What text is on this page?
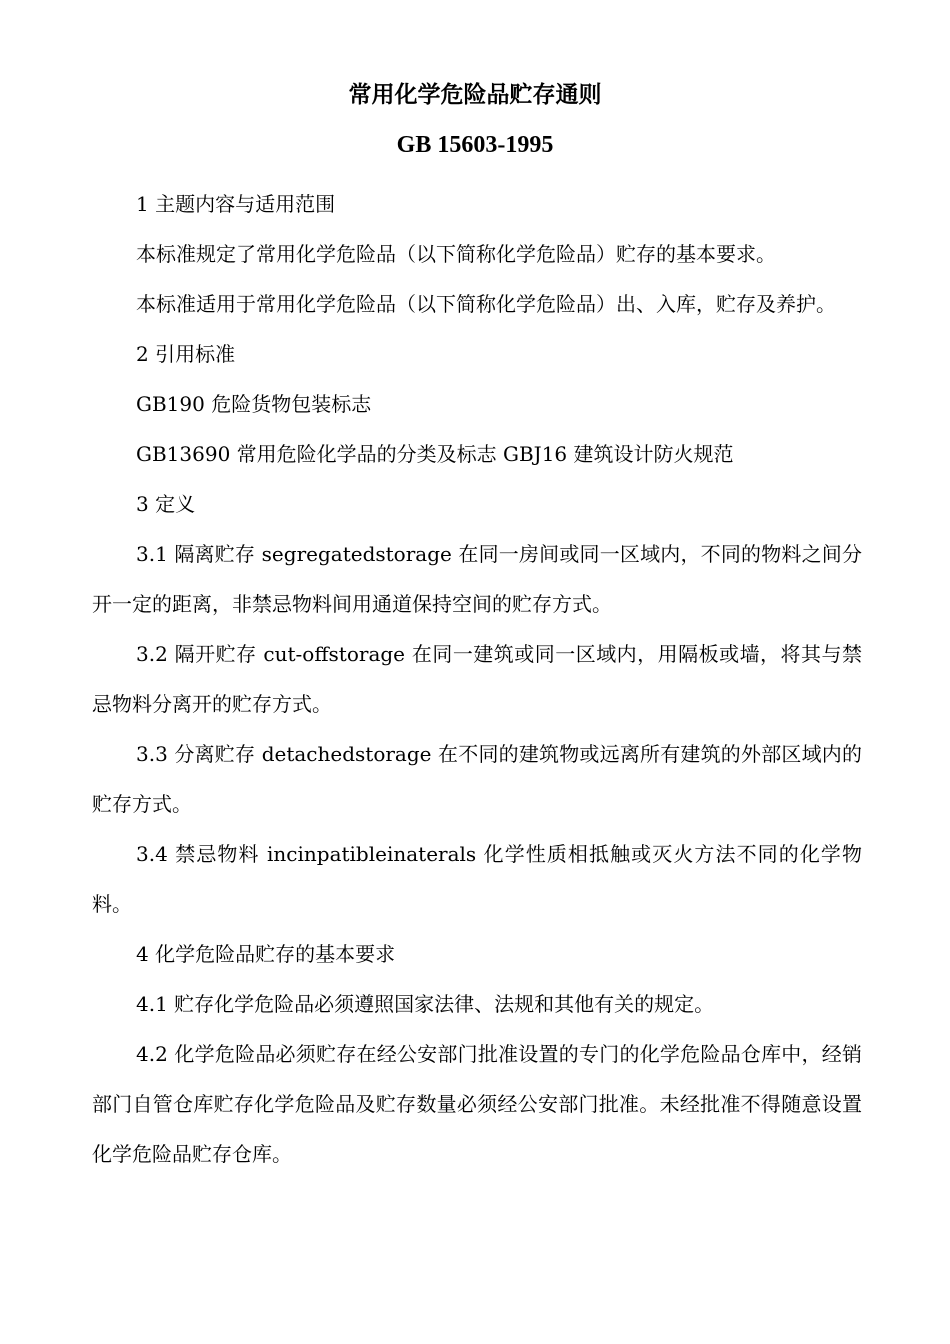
常用化学危险品贮存通则
GB 15603-1995

1 主题内容与适用范围

本标准规定了常用化学危险品（以下简称化学危险品）贮存的基本要求。

本标准适用于常用化学危险品（以下简称化学危险品）出、入库，贮存及养护。

2 引用标准

GB190 危险货物包装标志

GB13690 常用危险化学品的分类及标志 GBJ16 建筑设计防火规范

3 定义

3.1 隔离贮存 segregatedstorage 在同一房间或同一区域内，不同的物料之间分开一定的距离，非禁忌物料间用通道保持空间的贮存方式。

3.2 隔开贮存 cut-offstorage 在同一建筑或同一区域内，用隔板或墙，将其与禁忌物料分离开的贮存方式。

3.3 分离贮存 detachedstorage 在不同的建筑物或远离所有建筑的外部区域内的贮存方式。

3.4 禁忌物料 incinpatibleinaterals 化学性质相抵触或灭火方法不同的化学物料。

4 化学危险品贮存的基本要求

4.1 贮存化学危险品必须遵照国家法律、法规和其他有关的规定。

4.2 化学危险品必须贮存在经公安部门批准设置的专门的化学危险品仓库中，经销部门自管仓库贮存化学危险品及贮存数量必须经公安部门批准。未经批准不得随意设置化学危险品贮存仓库。
